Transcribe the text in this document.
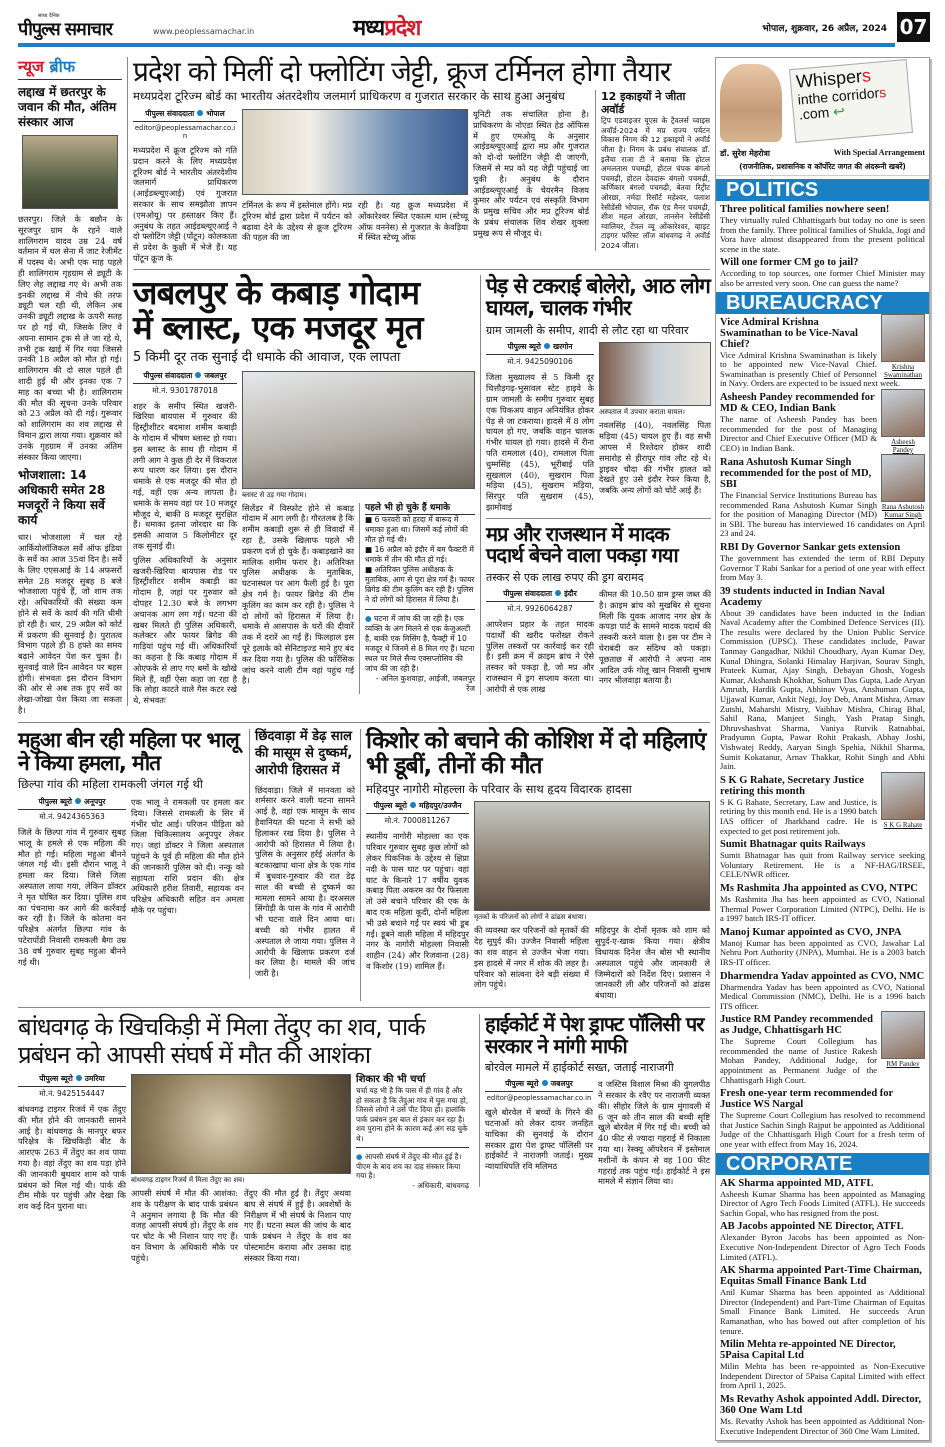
सांध्य दैनिक
पीपुल्स समाचार	www.peoplessamachar.in	मध्यप्रदेश	भोपाल, शुक्रवार, 26 अप्रैल, 2024 07
न्यूज ब्रीफ
लद्दाख में छतरपुर के जवान की मौत, अंतिम संस्कार आज
छतरपुर। जिले के बछौन के सूरजपुर ग्राम के रहने वाले शालिगराम यादव उम्र 24 वर्ष वर्तमान में थल सेना में जाट रेजीमेंट में पदस्थ थे। अभी एक माह पहले ही शालिगराम गृहग्राम से ड्यूटी के लिए लेह लद्दाख गए थे। अभी तक इनकी लद्दाख में नीचे की तरफ ड्यूटी चल रही थी, लेकिन अब उनकी ड्यूटी लद्दाख के ऊपरी सतह पर हो गई थी, जिसके लिए वे अपना सामान ट्रक से ले जा रहे थे, तभी ट्रक खाई में गिर गया जिससे उनकी 18 अप्रैल को मौत हो गई। शालिगराम की दो साल पहले ही शादी हुई थी और इनका एक 7 माह का बच्चा भी है। शालिगराम की मौत की सूचना उनके परिवार को 23 अप्रैल को दी गई। गुरूवार को शालिगराम का शव लद्दाख से विमान द्वारा लाया गया। शुक्रवार को उनके गृहग्राम में उनका अंतिम संस्कार किया जाएगा।
भोजशाला: 14 अधिकारी समेत 28 मजदूरों ने किया सर्वे कार्य
धार। भोजशाला में चल रहे आर्कियोलॉजिकल सर्वे ऑफ इंडिया के सर्वे का आज 35वां दिन है। सर्वे के लिए एएसआई के 14 अफसरों समेत 28 मजदूर सुबह 8 बजे भोजशाला पहुंचे हैं, जो शाम तक रहे। अधिकारियों की संख्या कम होने से सर्वे के कार्य की गति धीमी हो रही है। धार, 29 अप्रैल को कोर्ट में प्रकरण की सुनवाई है। पुरातत्व विभाग पहले ही 8 हफ्ते का समय बढ़ाने आवेदन पेश कर चुका है। सुनवाई वाले दिन आवेदन पर बहस होगी। संभवतः इस दौरान विभाग की ओर से अब तक हुए सर्वे का लेखा-जोखा पेश किया जा सकता है।
प्रदेश को मिलीं दो फ्लोटिंग जेट्टी, क्रूज टर्मिनल होगा तैयार
मध्यप्रदेश टूरिज्म बोर्ड का भारतीय अंतरदेशीय जलमार्ग प्राधिकरण व गुजरात सरकार के साथ हुआ अनुबंध
पीपुल्स संवाददाता भोपाल
editor@peoplessamachar.co.in
मध्यप्रदेश में क्रूज टूरिज्म को गति प्रदान करने के लिए मध्यप्रदेश टूरिज्म बोर्ड ने भारतीय अंतरदेशीय जलमार्ग प्राधिकरण (आईडब्ल्यूएआई) एवं गुजरात सरकार के साथ समझौता ज्ञापन (एमओयू) पर हस्ताक्षर किए हैं। अनुबंध के तहत आईडब्ल्यूएआई ने दो फ्लोटिंग जेट्टी (पोंटून) कोलकाता से प्रदेश के कुक्षी में भेजे हैं। यह पोंटून क्रूज के
टर्मिनल के रूप में इस्तेमाल होंगे। मप्र टूरिज्म बोर्ड द्वारा प्रदेश में पर्यटन को बढ़ावा देने के उद्देश्य से क्रूज टूरिज्म की पहल की जा
रही है। यह क्रूज मध्यप्रदेश में ओंकारेश्वर स्थित एकात्म धाम (स्टेच्यू ऑफ वननेस) से गुजरात के केवड़िया में स्थित स्टेच्यू ऑफ
यूनिटी तक संचालित होना है। प्राधिकरण के नोएडा स्थित हेड ऑफिस में हुए एमओयू के अनुसार आईडब्ल्यूएआई द्वारा मप्र और गुजरात को दो-दो फ्लोटिंग जेट्टी दी जाएगी, जिसमें से मप्र को यह जेट्टी पहुंचाई जा चुकी है। अनुबंध के दौरान आईडब्ल्यूएआई के चेयरमैन विजय कुमार और पर्यटन एवं संस्कृति विभाग के प्रमुख सचिव और मप्र टूरिज्म बोर्ड के प्रबंध संचालक शिव शेखर शुक्ला प्रमुख रूप से मौजूद थे।
12 इकाइयों ने जीता अवॉर्ड
ट्रिप एडवाइजर यूएस के ट्रैवलर्स च्वाइस अवॉर्ड-2024 में मप्र राज्य पर्यटन विकास निगम की 12 इकाइयों ने अवॉर्ड जीता है। निगम के प्रबंध संचालक डॉ. इलैया राजा टी ने बताया कि होटल अमलतास पचमढ़ी, होटल चंपक बंगलो पचमढ़ी, होटल देवदारू बंगलो पचमढ़ी, कर्णिकार बंगलो पचमढ़ी, बेतवा रिट्रीट ओरछा, नर्मदा रिसॉर्ट महेश्वर, पलाश रेसीडेंसी भोपाल, रॉक एंड मैनर पचमढ़ी, शीश महल ओरछा, तानसेन रेसीडेंसी ग्वालियर, टेंपल व्यू ओंकारेश्वर, व्हाइट टाइगर फॉरेस्ट लॉज बांधवगढ़ ने अवॉर्ड 2024 जीता।
जबलपुर के कबाड़ गोदाम
में ब्लास्ट, एक मजदूर मृत
5 किमी दूर तक सुनाई दी धमाके की आवाज, एक लापता
पीपुल्स संवाददाता जबलपुर
मो.नं. 9301787018
शहर के समीप स्थित खजरी-खिरिया बायपास में गुरुवार की हिस्ट्रीशीटर बदमाश शमीम कबाड़ी के गोदाम में भीषण ब्लास्ट हो गया। इस ब्लास्ट के साथ ही गोदाम में लगी आग ने कुछ ही देर में विकराल रूप धारण कर लिया। इस दौरान धमाके से एक मजदूर की मौत हो गई, वहीं एक अन्य लापता है। धमाके के समय वहां पर 10 मजदूर मौजूद थे, बाकी 8 मजदूर सुरक्षित हैं। धमाका इतना जोरदार था कि इसकी आवाज 5 किलोमीटर दूर तक सुनाई दी।
पुलिस अधिकारियों के अनुसार खजरी-खिरिया बायपास रोड पर हिस्ट्रीशीटर शमीम कबाड़ी का गोदाम है, जहां पर गुरुवार को दोपहर 12.30 बजे के लगभग अचानक आग लग गई। घटना की खबर मिलते ही पुलिस अधिकारी, कलेक्टर और फायर ब्रिगेड की गाड़ियां पहुंच गई थीं। अधिकारियों का कहना है कि कबाड़ गोदाम में ओएफके से लाए गए बमों के खोखे मिले हैं, वहीं ऐसा कहा जा रहा है कि लोहा काटते वाले गैस कटर रखे थे, संभवतः
ब्लास्ट से उड़ गया गोदाम।
सिलेंडर में विस्फोट होने से कबाड़ गोदाम में आग लगी है। गौरतलब है कि शमीम कबाड़ी शुरू से ही विवादों में रहा है, उसके खिलाफ पहले भी प्रकरण दर्ज हो चुके हैं। कबाड़खाने का मालिक शमीम फरार है। अतिरिक्त पुलिस अधीक्षक के मुताबिक, घटनास्थल पर आग फैली हुई है। पूरा क्षेत्र गर्म है। फायर ब्रिगेड की टीम कूलिंग का काम कर रही है। पुलिस ने दो लोगों को हिरासत में लिया है। धमाके से आसपास के घरों की दीवारें तक में दरारें आ गईं हैं। फिलहाल इस पूरे इलाके को सेनिटाइज्ड माने हुए बंद कर दिया गया है। पुलिस की फॉरेंसिक जांच करने वाली टीम वहां पहुंच गई है।
पहले भी हो चुके हैं धमाके
■ 6 फरवरी को हरदा में बारूद में धमाका हुआ था। जिसमें कई लोगों की मौत हो गई थी।
■ 16 अप्रैल को इंदौर में बम फैक्टरी में धमाके में तीन की मौत हो गई।
■ अतिरिक्त पुलिस अधीक्षक के मुताबिक, आग से पूरा क्षेत्र गर्म है। फायर ब्रिगेड की टीम कूलिंग कर रही है। पुलिस ने दो लोगों को हिरासत में लिया है।
● घटना में जांच की जा रही है। एक व्यक्ति के अंग मिलने से एक केजुअल्टी है, बाकी एक मिसिंग है, फैक्ट्री में 10 मजदूर थे जिनमें से 8 मिल गए हैं। घटना स्थल पर मिले सैन्य एक्सप्लोसिव की जांच की जा रही है।
- अनिल कुशवाहा, आईजी, जबलपुर रेंज
पेड़ से टकराई बोलेरो, आठ लोग घायल, चालक गंभीर
ग्राम जामली के समीप, शादी से लौट रहा था परिवार
पीपुल्स ब्यूरो खरगोन
मो.नं. 9425090106
जिला मुख्यालय से 5 किमी दूर चित्तौड़गढ़-भुसावल स्टेट हाइवे के ग्राम जामली के समीप गुरुवार सुबह एक पिकअप वाहन अनियंत्रित होकर पेड़ से जा टकराया। हादसे में 8 लोग घायल हो गए, जबकि वाहन चालक गंभीर घायल हो गया। हादसे में रीना पति रामलाल (40), रामलाल पिता धुम्मसिंह (45), भूरीबाई पति सुखलाल (40), सुखराम पिता मड़िया (45), सुखराम मड़िया, सिरपुर पति सुखराम (45), झामोवाइं
अस्पताल में उपचार कराता घायल।
नवलसिंह (40), नवलसिंह पिता मड़िया (45) घायल हुए हैं। वह सभी आपस में रिश्तेदार होकर शादी समारोह से हीरापुर गांव लौट रहे थे। ड्राइवर चौदा की गंभीर हालत को देखते हुए उसे इंदौर रेफर किया है, जबकि अन्य लोगों को चोटें आई हैं।
मप्र और राजस्थान में मादक पदार्थ बेचने वाला पकड़ा गया
तस्कर से एक लाख रुपए की ड्रग बरामद
पीपुल्स संवाददाता इंदौर
मो.नं. 9926064287
आपरेशन प्रहार के तहत मादक पदार्थों की खरीद फरोख्त रोकने पुलिस तस्करों पर कार्रवाई कर रही है। इसी क्रम में क्राइम ब्रांच ने ऐसे तस्कर को पकड़ा है, जो मप्र और राजस्थान में ड्रग सप्लाय करता था। आरोपी से एक लाख
कीमत की 10.50 ग्राम ड्रग्स जब्त की है। क्राइम ब्रांच को मुखबिर से सूचना मिली कि युवक आजाद नगर क्षेत्र के कपड़ा पार्ट के सामने मादक पदार्थ की तस्करी करने वाला है। इस पर टीम ने घेराबंदी कर संदिग्ध को पकड़ा। पूछताछ में आरोपी ने अपना नाम आदिल उर्फ गोलू खान निवासी सुभाष नगर भीलवाड़ा बताया है।
महुआ बीन रही महिला पर भालू ने किया हमला, मौत
छिल्पा गांव की महिला रामकली जंगल गई थी
पीपुल्स ब्यूरो अनूपपुर
मो.नं. 9424365363
जिले के छिल्पा गांव में गुरुवार सुबह भालू के हमले से एक महिला की मौत हो गई। महिला महुआ बीनने जंगल गई थी। इसी दौरान भालू ने हमला कर दिया। जिसे जिला अस्पताल लाया गया, लेकिन डॉक्टर ने मृत घोषित कर दिया। पुलिस शव का पंचनामा कर आगे की कार्रवाई कर रही है। जिले के कोतमा वन परिक्षेत्र अंतर्गत छिल्पा गांव के पटेरापोंडी निवासी रामकली बैगा उम्र 38 वर्ष गुरुवार सुबह महुआ बीनने गई थी।
एक भालू ने रामकली पर हमला कर दिया। जिससे रामकली के सिर में गंभीर चोट आई। परिजन पीड़िता को जिला चिकित्सालय अनूपपुर लेकर गए। जहां डॉक्टर ने जिला अस्पताल पहुंचने के पूर्व ही महिला की मौत होने की जानकारी पुलिस को दी। नन्कू को सहायता राशि प्रदान की। क्षेत्र अधिकारी हरीश तिवारी, सहायक वन परिक्षेत्र अधिकारी सहित वन अमला मौके पर पहुंचा।
छिंदवाड़ा में डेढ़ साल की मासूम से दुष्कर्म, आरोपी हिरासत में
छिंदवाड़ा। जिले में मानवता को शर्मसार करने वाली घटना सामने आई है, वहां एक मासूम के साथ हैवानियत की घटना ने सभी को हिलाकर रख दिया है। पुलिस ने आरोपी को हिरासत में लिया है। पुलिस के अनुसार हर्रई अंतर्गत के बटकाखापा थाना क्षेत्र के एक गांव में बुधवार-गुरुवार की रात डेढ़ साल की बच्ची से दुष्कर्म का मामला सामने आया है। दरअसल सिंगोड़ी के पास के गांव में आरोपी भी घटना वाले दिन आया था। बच्ची को गंभीर हालत में अस्पताल ले जाया गया। पुलिस ने आरोपी के खिलाफ प्रकरण दर्ज कर लिया है। मामले की जांच जारी है।
किशोर को बचाने की कोशिश में दो महिलाएं भी डूबीं, तीनों की मौत
महिदपुर नागोरी मोहल्ला के परिवार के साथ हृदय विदारक हादसा
पीपुल्स ब्यूरो महिदपुर/उज्जैन
मो.नं. 7000811267
स्थानीय नागोरी मोहल्ला का एक परिवार गुरुवार सुबह कुछ लोगों को लेकर पिकनिक के उद्देश्य से क्षिप्रा नदी के पास घाट पर पहुंचा। वहां घाट के किनारे 17 वर्षीय युवक कबाड़ पिता अकरम का पैर फिसला तो उसे बचाने परिवार की एक के बाद एक महिला कूदी, दोनों महिला भी उसे बचाने गईं पर स्वयं भी डूब गईं। डूबने वाली महिला में महिदपुर नगर के नागोरी मोहल्ला निवासी शाहीन (24) और रिजवाना (28) व किशोर (19) शामिल हैं।
मृतकों के परिजनों को लोगों ने ढांढस बंधाया।
की व्यवस्था कर परिजनों को मृतकों की देह सुपुर्द की। उज्जैन निवासी महिला का शव वाहन से उज्जैन भेजा गया। इस हादसे में नगर में शोक की लहर है। परिवार को सांत्वना देने बड़ी संख्या में लोग पहुंचे।
महिदपुर के दोनों मृतक को शाम को सुपुर्द-ए-खाक किया गया। क्षेत्रीय विधायक दिनेश जैन बोस भी स्थानीय अस्पताल पहुंचे और जानकारी ले जिम्मेदारों को निर्देश दिए। प्रशासन ने जानकारी ली और परिजनों को ढांढस बंधाया।
बांधवगढ़ के खिचकिड़ी में मिला तेंदुए का शव, पार्क प्रबंधन को आपसी संघर्ष में मौत की आशंका
पीपुल्स ब्यूरो उमरिया
मो.नं. 9425154447
बांधवगढ़ टाइगर रिजर्व में एक तेंदुए की मौत होने की जानकारी सामने आई है। बांधवगढ़ के मानपुर बफर परिक्षेत्र के खिचकिड़ी बीट के आरएफ 263 में तेंदुए का शव पाया गया है। वहां तेंदुए का शव पड़ा होने की जानकारी बुधवार शाम को पार्क प्रबंधन को मिल गई थी। पार्क की टीम मौके पर पहुंची और देखा कि शव कई दिन पुराना था।
बांधवगढ़ टाइगर रिजर्व में मिला तेंदुए का शव।
आपसी संघर्ष में मौत की आशंका: शव के परीक्षण के बाद पार्क प्रबंधन ने अनुमान लगाया है कि मौत की वजह आपसी संघर्ष हो। तेंदुए के शव पर चोट के भी निशान पाए गए हैं। वन विभाग के अधिकारी मौके पर पहुंचे।
तेंदुए की मौत हुई है। तेंदुए अथवा बाघ से संघर्ष में हुई है। अवशेषों के निरीक्षण में भी संघर्ष के निशान पाए गए हैं। घटना स्थल की जांच के बाद पार्क प्रबंधन ने तेंदुए के शव का पोस्टमार्टम कराया और उसका दाह संस्कार किया गया।
शिकार की भी चर्चा
चर्चा यह भी है कि पास में ही गांव है और हो सकता है कि तेंदुआ गांव में घुस गया हो, जिससे लोगों ने उसे पीट दिया हो। हालांकि पार्क प्रबंधन इस बात से इंकार कर रहा है। शव पुराना होने के कारण कई अंग सड़ चुके थे।
● आपसी संघर्ष में तेंदुए की मौत हुई है। पीएम के बाद शव का दाह संस्कार किया गया है।
- अधिकारी, बांधवगढ़
हाईकोर्ट में पेश ड्राफ्ट पॉलिसी पर सरकार ने मांगी माफी
बोरवेल मामले में हाईकोर्ट सख्त, जताई नाराजगी
पीपुल्स ब्यूरो जबलपुर
editor@peoplessamachar.co.in
खुले बोरवेल में बच्चों के गिरने की घटनाओं को लेकर दायर जनहित याचिका की सुनवाई के दौरान सरकार द्वारा पेश ड्राफ्ट पॉलिसी पर हाईकोर्ट ने नाराजगी जताई। मुख्य न्यायाधिपति रवि मलिमठ
व जस्टिस विशाल मिश्रा की युगलपीठ ने सरकार के रवैए पर नाराजगी व्यक्त की। सीहोर जिले के ग्राम मुंगावली में 6 जून को तीन साल की बच्ची सृष्टि खुले बोरवेल में गिर गई थी। बच्ची को 40 फीट से ज्यादा गहराई में निकाला गया था। रेस्क्यू ऑपरेशन में इस्तेमाल मशीनों के कंपन से वह 100 फीट गहराई तक पहुंच गई। हाईकोर्ट ने इस मामले में संज्ञान लिया था।
Whispers
inthe corridors
.com ↩
डॉ. सुरेश मेहरोत्रा	With Special Arrangement
(राजनीतिक, प्रशासनिक व कॉर्पोरेट जगत की अंदरूनी खबरें)
POLITICS
Three political families nowhere seen!
They virtually ruled Chhattisgarh but today no one is seen from the family. Three political families of Shukla, Jogi and Vora have almost disappeared from the present political scene in the state.
Will one former CM go to jail?
According to top sources, one former Chief Minister may also be arrested very soon. One can guess the name?
BUREAUCRACY
Krishna Swaminathan
Vice Admiral Krishna Swaminathan to be Vice-Naval Chief?
Vice Admiral Krishna Swaminathan is likely to be appointed new Vice-Naval Chief. Swaminathan is presently Chief of Personnel in Navy. Orders are expected to be issued next week.
Asheesh Pandey
Asheesh Pandey recommended for MD & CEO, Indian Bank
The name of Asheesh Pandey has been recommended for the post of Managing Director and Chief Executive Officer (MD & CEO) in Indian Bank.
Rana Ashutosh Kumar Singh
Rana Ashutosh Kumar Singh recommended for the post of MD, SBI
The Financial Service Institutions Bureau has recommended Rana Ashutosh Kumar Singh for the position of Managing Director (MD) in SBI. The bureau has interviewed 16 candidates on April 23 and 24.
RBI Dy Governor Sankar gets extension
The government has extended the term of RBI Deputy Governor T Rabi Sankar for a period of one year with effect from May 3.
39 students inducted in Indian Naval Academy
About 39 candidates have been inducted in the Indian Naval Academy after the Combined Defence Services (II). The results were declared by the Union Public Service Commission (UPSC). These candidates include, Pawar Tanmay Gangadhar, Nikhil Choudhary, Ayan Kumar Dey, Kunal Dhingra, Solanki Himalay Harjivan, Sourav Singh, Prateek Kumar, Ajay Singh, Debayan Ghosh, Yogesh Kumar, Akshansh Khokhar, Sohum Das Gupta, Lade Aryan Amruth, Hardik Gupta, Abhinav Vyas, Anshuman Gupta, Ujjawal Kumar, Ankit Negi, Joy Deb, Anant Mishra, Arnav Zutshi, Maharshi Mistry, Vaibhav Mishra, Chirag Bhal, Sahil Rana, Manjeet Singh, Yash Pratap Singh, Dhruvshashvat Sharma, Vaniya Rutvik Ratnabhai, Pradyumn Gupta, Pawar Rohit Prakash, Abhay Joshi, Vishwatej Reddy, Aaryan Singh Spehia, Nikhil Sharma, Sumit Kokatanur, Arnav Thakkar, Rohit Singh and Abhi Jain.
S K G Rahate
S K G Rahate, Secretary Justice retiring this month
S K G Rahate, Secretary, Law and Justice, is retiring by this month end. He is a 1990 batch IAS officer of Jharkhand cadre. He is expected to get post retirement job.
Sumit Bhatnagar quits Railways
Sumit Bhatnagar has quit from Railway service seeking Voluntary Retirement. He is a NF-HAG/IRSEE, CELE/NWR officer.
Ms Rashmita Jha appointed as CVO, NTPC
Ms Rashmita Jha has been appointed as CVO, National Thermal Power Corporation Limited (NTPC), Delhi. He is a 1997 batch IRS-IT officer.
Manoj Kumar appointed as CVO, JNPA
Manoj Kumar has been appointed as CVO, Jawahar Lal Nehru Port Authority (JNPA), Mumbai. He is a 2003 batch IRS-IT officer.
Dharmendra Yadav appointed as CVO, NMC
Dharmendra Yadav has been appointed as CVO, National Medical Commission (NMC), Delhi. He is a 1996 batch ITS officer.
RM Pandey
Justice RM Pandey recommended as Judge, Chhattisgarh HC
The Supreme Court Collegium has recommended the name of Justice Rakesh Mohan Pandey, Additional Judge, for appointment as Permanent Judge of the Chhattisgarh High Court.
Fresh one-year term recommended for Justice WS Nargal
The Supreme Court Collegium has resolved to recommend that Justice Sachin Singh Rajput be appointed as Additional Judge of the Chhattisgarh High Court for a fresh term of one year with effect from May 16, 2024.
CORPORATE
AK Sharma appointed MD, ATFL
Asheesh Kumar Sharma has been appointed as Managing Director of Agro Tech Foods Limited (ATFL). He succeeds Sachin Gopal, who has resigned from the post.
AB Jacobs appointed NE Director, ATFL
Alexander Byron Jacobs has been appointed as Non-Executive Non-Independent Director of Agro Tech Foods Limited (ATFL).
AK Sharma appointed Part-Time Chairman, Equitas Small Finance Bank Ltd
Anil Kumar Sharma has been appointed as Additional Director (Independent) and Part-Time Chairman of Equitas Small Finance Bank Limited. He succeeds Arun Ramanathan, who has bowed out after completion of his tenure.
Milin Mehta re-appointed NE Director, 5Paisa Capital Ltd
Milin Mehta has been re-appointed as Non-Executive Independent Director of 5Paisa Capital Limited with effect from April 1, 2025.
Ms Revathy Ashok appointed Addl. Director, 360 One Wam Ltd
Ms. Revathy Ashok has been appointed as Additional Non-Executive Independent Director of 360 One Wam Limited.
